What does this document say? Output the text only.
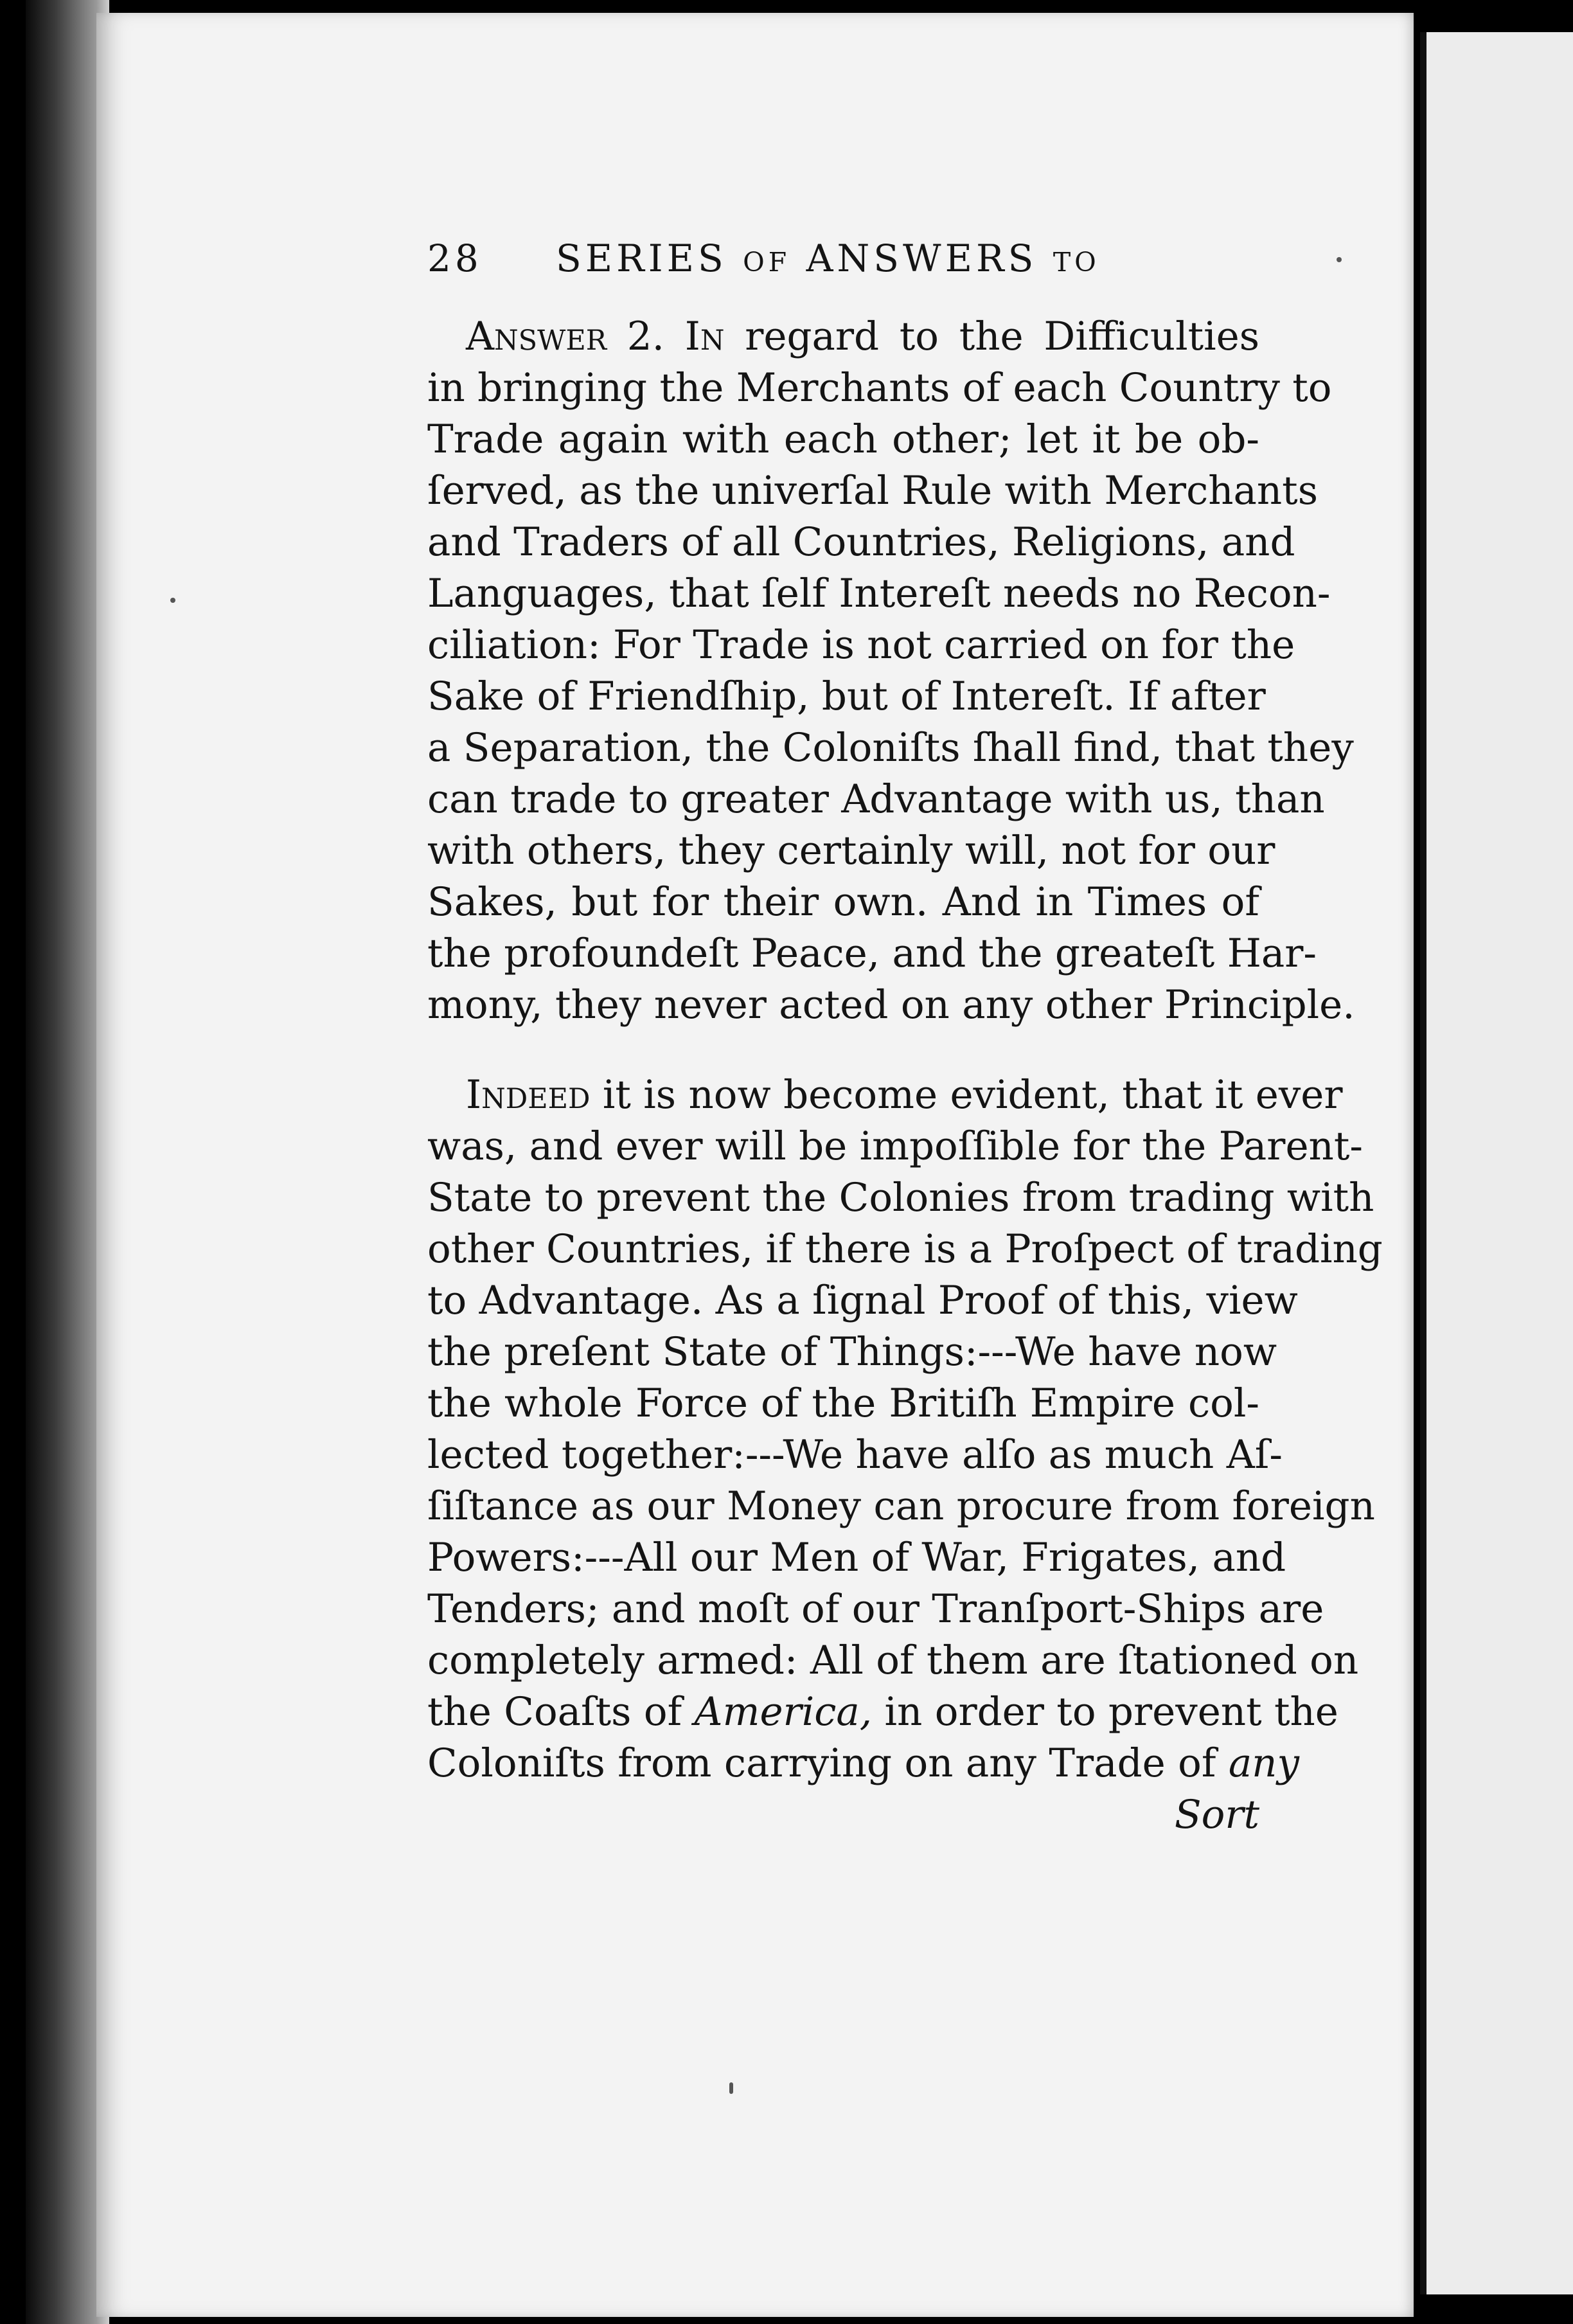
28 SERIES of ANSWERS to
Answer 2. In regard to the Difficulties
in bringing the Merchants of each Country to
Trade again with each other; let it be ob-
ſerved, as the univerſal Rule with Merchants
and Traders of all Countries, Religions, and
Languages, that ſelf Intereſt needs no Recon-
ciliation: For Trade is not carried on for the
Sake of Friendſhip, but of Intereſt. If after
a Separation, the Coloniſts ſhall find, that they
can trade to greater Advantage with us, than
with others, they certainly will, not for our
Sakes, but for their own. And in Times of
the profoundeſt Peace, and the greateſt Har-
mony, they never acted on any other Principle.
Indeed it is now become evident, that it ever
was, and ever will be impoſſible for the Parent-
State to prevent the Colonies from trading with
other Countries, if there is a Proſpect of trading
to Advantage. As a ſignal Proof of this, view
the preſent State of Things:---We have now
the whole Force of the Britiſh Empire col-
lected together:---We have alſo as much Aſ-
ſiſtance as our Money can procure from foreign
Powers:---All our Men of War, Frigates, and
Tenders; and moſt of our Tranſport-Ships are
completely armed: All of them are ſtationed on
the Coaſts of America, in order to prevent the
Coloniſts from carrying on any Trade of any
Sort
